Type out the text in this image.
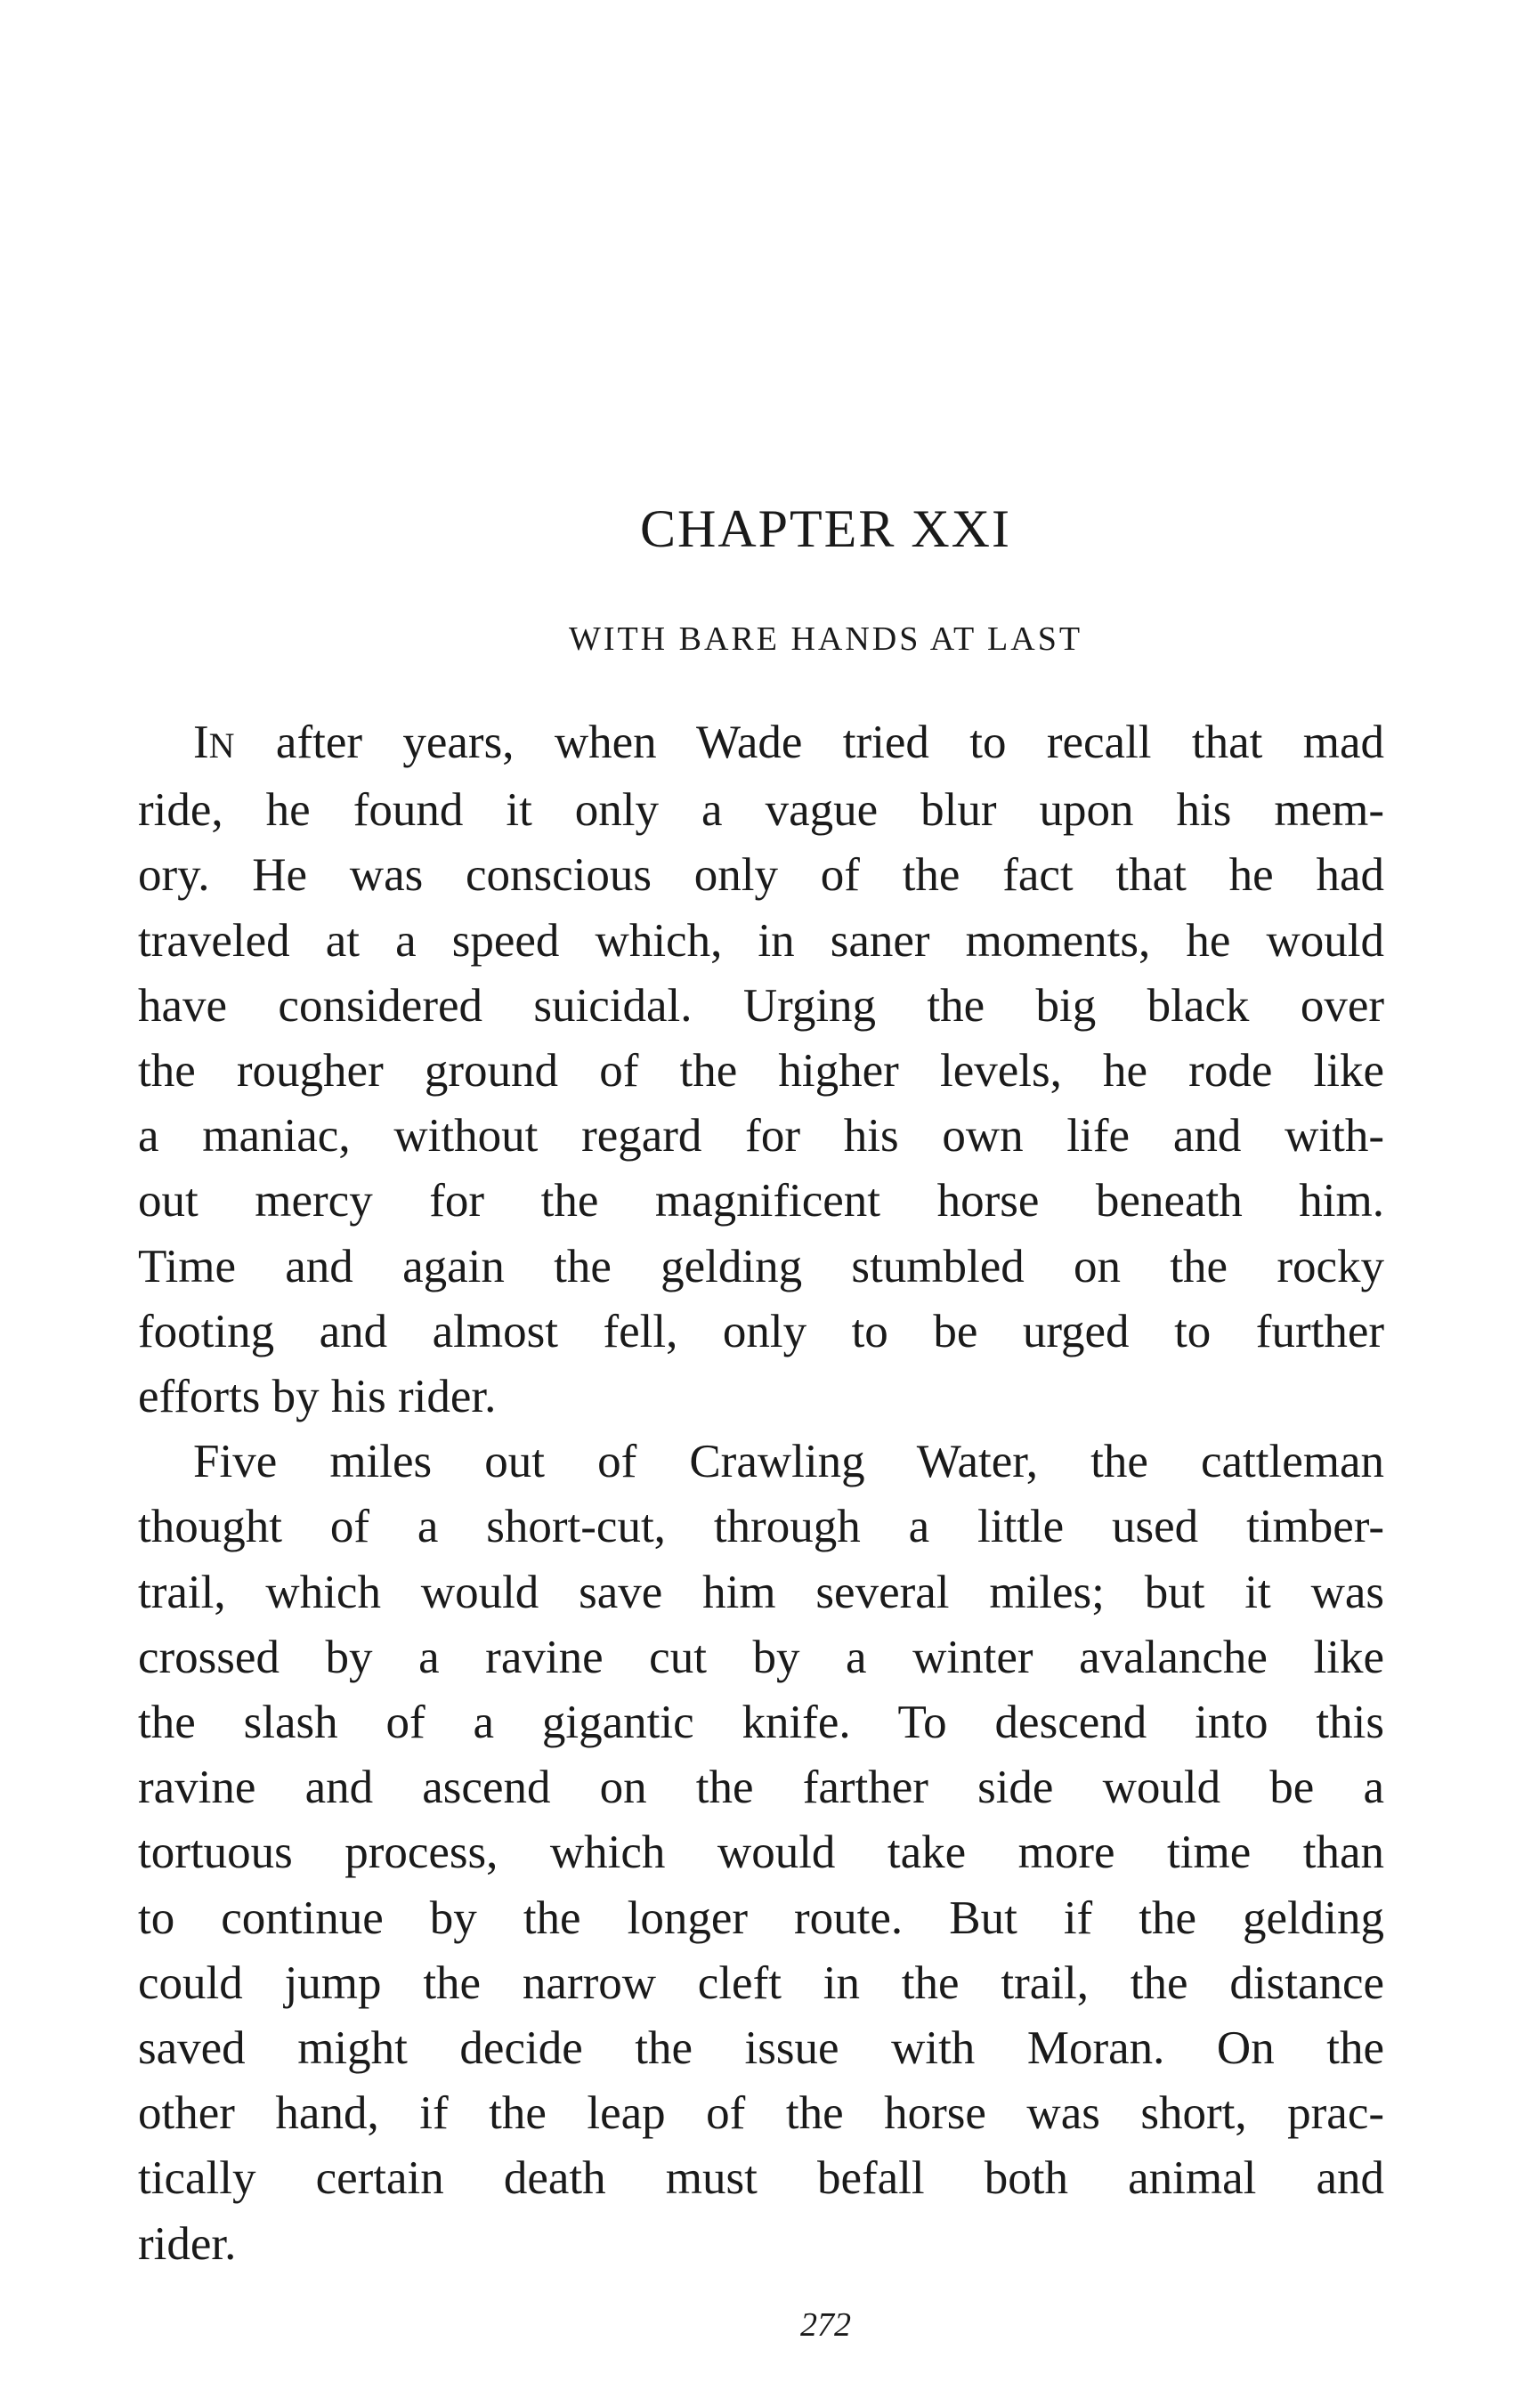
CHAPTER XXI
WITH BARE HANDS AT LAST
IN after years, when Wade tried to recall that mad
ride, he found it only a vague blur upon his mem-
ory. He was conscious only of the fact that he had
traveled at a speed which, in saner moments, he would
have considered suicidal. Urging the big black over
the rougher ground of the higher levels, he rode like
a maniac, without regard for his own life and with-
out mercy for the magnificent horse beneath him.
Time and again the gelding stumbled on the rocky
footing and almost fell, only to be urged to further
efforts by his rider.
Five miles out of Crawling Water, the cattleman
thought of a short-cut, through a little used timber-
trail, which would save him several miles; but it was
crossed by a ravine cut by a winter avalanche like
the slash of a gigantic knife. To descend into this
ravine and ascend on the farther side would be a
tortuous process, which would take more time than
to continue by the longer route. But if the gelding
could jump the narrow cleft in the trail, the distance
saved might decide the issue with Moran. On the
other hand, if the leap of the horse was short, prac-
tically certain death must befall both animal and
rider.
272
